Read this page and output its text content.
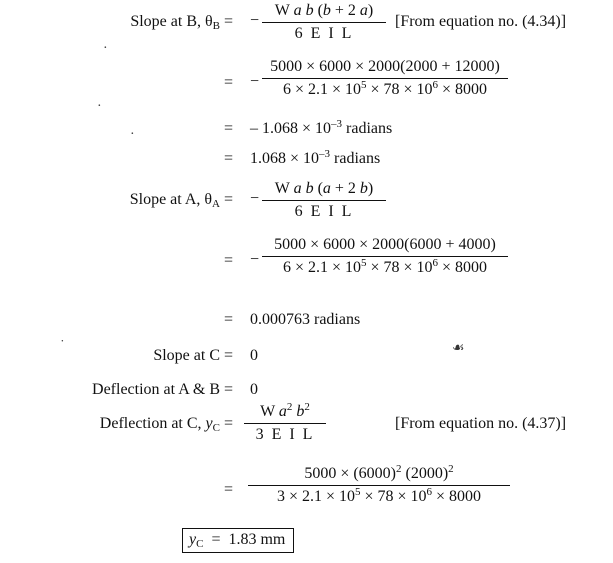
Slope at B, $\theta_B$ = − $\frac{\text{W a b (b + 2 a)}}{\text{6 E I L}}$ [From equation no. (4.34)]
= − $\frac{5000 \times 6000 \times 2000(2000 + 12000)}{6 \times 2.1 \times 10^5 \times 78 \times 10^6 \times 8000}$
= – $1.068 \times 10^{-3}$ radians
= $1.068 \times 10^{-3}$ radians
Slope at A, $\theta_A$ = − $\frac{\text{W a b (a + 2 b)}}{\text{6 E I L}}$
= − $\frac{5000 \times 6000 \times 2000(6000 + 4000)}{6 \times 2.1 \times 10^5 \times 78 \times 10^6 \times 8000}$
= 0.000763 radians
Slope at C = 0
Deflection at A & B = 0
Deflection at C, $y_C = \frac{W a^2 b^2}{\text{3 E I L}}$	[From equation no. (4.37)]
= $\frac{5000 \times (6000)^2 (2000)^2}{3 \times 2.1 \times 10^5 \times 78 \times 10^6 \times 8000}$
$y_C = 1.83$ mm
˙
·
·
·
☙
